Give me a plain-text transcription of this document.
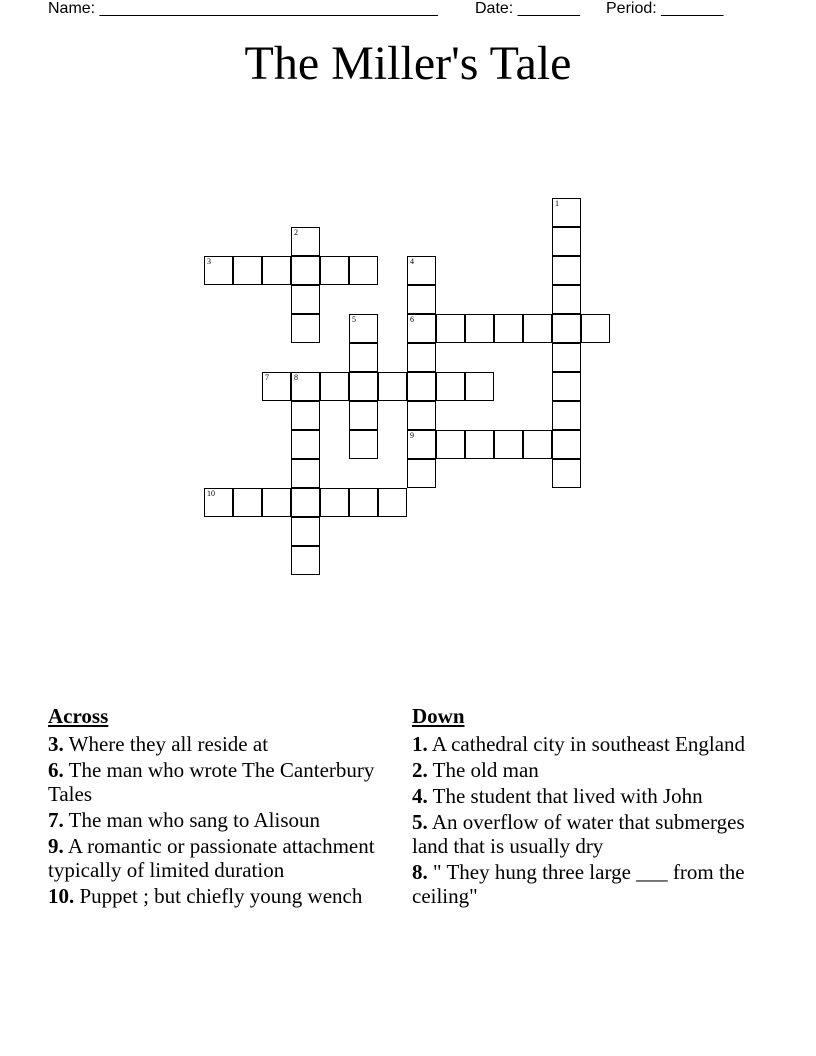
Name: ______________________________________ Date: _______ Period: _______
The Miller's Tale
1
2
3	4
6
9
5
7	8
10
Across
3. Where they all reside at
6. The man who wrote The Canterbury Tales
7. The man who sang to Alisoun
9. A romantic or passionate attachment typically of limited duration
10. Puppet ; but chiefly young wench
Down
1. A cathedral city in southeast England
2. The old man
4. The student that lived with John
5. An overflow of water that submerges land that is usually dry
8. " They hung three large ___ from the ceiling"
